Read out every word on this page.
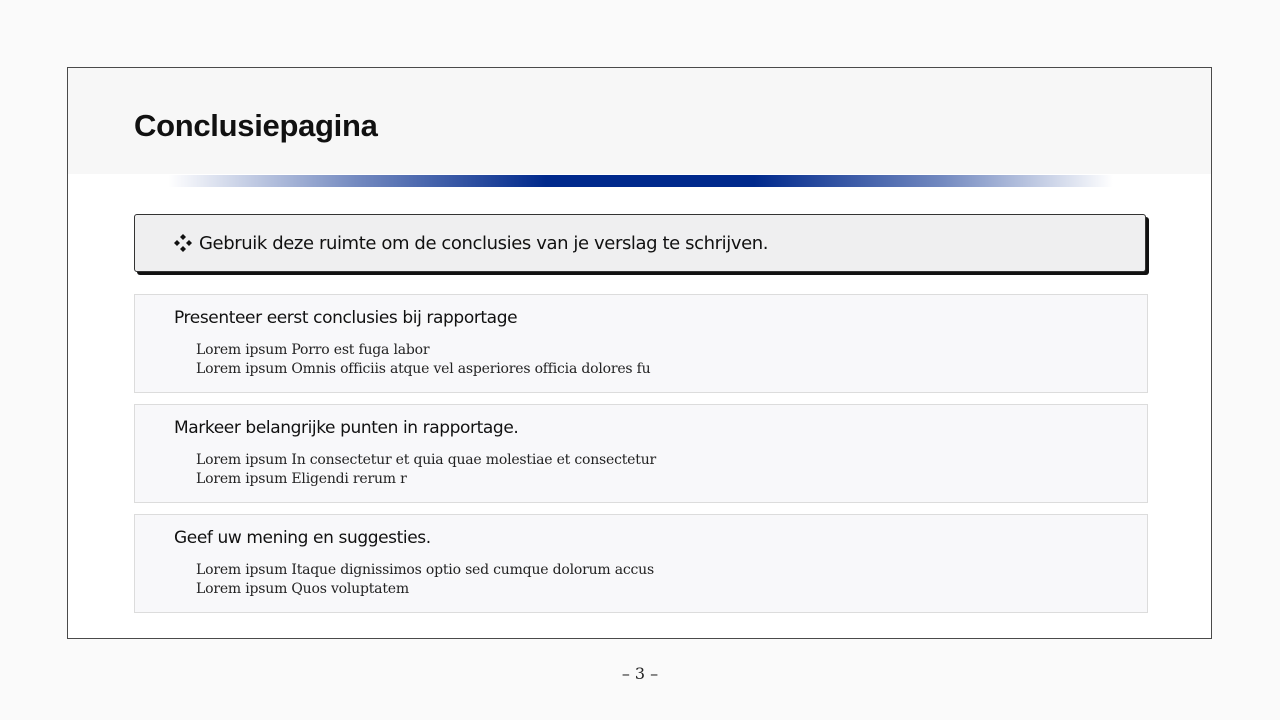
Conclusiepagina
Gebruik deze ruimte om de conclusies van je verslag te schrijven.
Presenteer eerst conclusies bij rapportage
Lorem ipsum Porro est fuga labor
Lorem ipsum Omnis officiis atque vel asperiores officia dolores fu
Markeer belangrijke punten in rapportage.
Lorem ipsum In consectetur et quia quae molestiae et consectetur
Lorem ipsum Eligendi rerum r
Geef uw mening en suggesties.
Lorem ipsum Itaque dignissimos optio sed cumque dolorum accus
Lorem ipsum Quos voluptatem
– 3 –
